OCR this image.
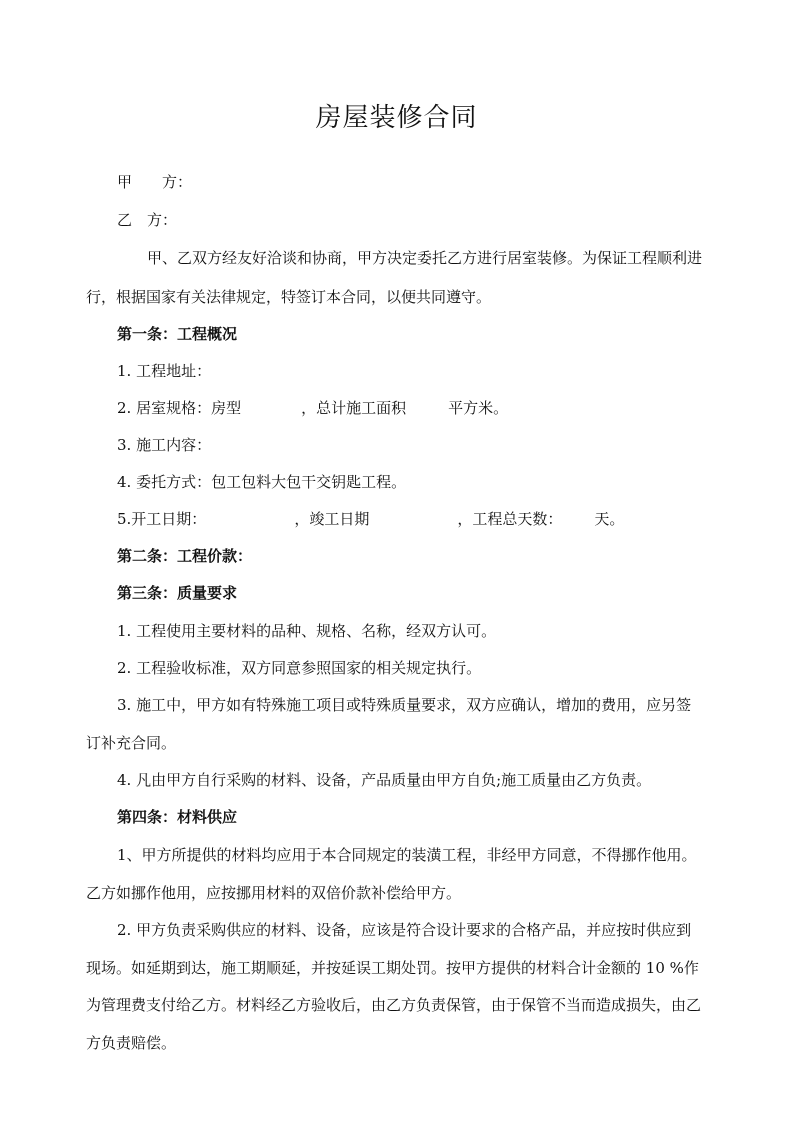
房屋装修合同
甲　　方：
乙　方：
甲、乙双方经友好洽谈和协商，甲方决定委托乙方进行居室装修。为保证工程顺利进
行，根据国家有关法律规定，特签订本合同，以便共同遵守。
第一条：工程概况
1. 工程地址：
2. 居室规格：房型	，总计施工面积	平方米。
3. 施工内容：
4. 委托方式：包工包料大包干交钥匙工程。
5.开工日期：	，竣工日期	，工程总天数： 天。
第二条：工程价款：
第三条：质量要求
1. 工程使用主要材料的品种、规格、名称，经双方认可。
2. 工程验收标准，双方同意参照国家的相关规定执行。
3. 施工中，甲方如有特殊施工项目或特殊质量要求，双方应确认，增加的费用，应另签
订补充合同。
4. 凡由甲方自行采购的材料、设备，产品质量由甲方自负;施工质量由乙方负责。
第四条：材料供应
1、甲方所提供的材料均应用于本合同规定的装潢工程，非经甲方同意，不得挪作他用。
乙方如挪作他用，应按挪用材料的双倍价款补偿给甲方。
2. 甲方负责采购供应的材料、设备，应该是符合设计要求的合格产品，并应按时供应到
现场。如延期到达，施工期顺延，并按延误工期处罚。按甲方提供的材料合计金额的 10 %作
为管理费支付给乙方。材料经乙方验收后，由乙方负责保管，由于保管不当而造成损失，由乙
方负责赔偿。
